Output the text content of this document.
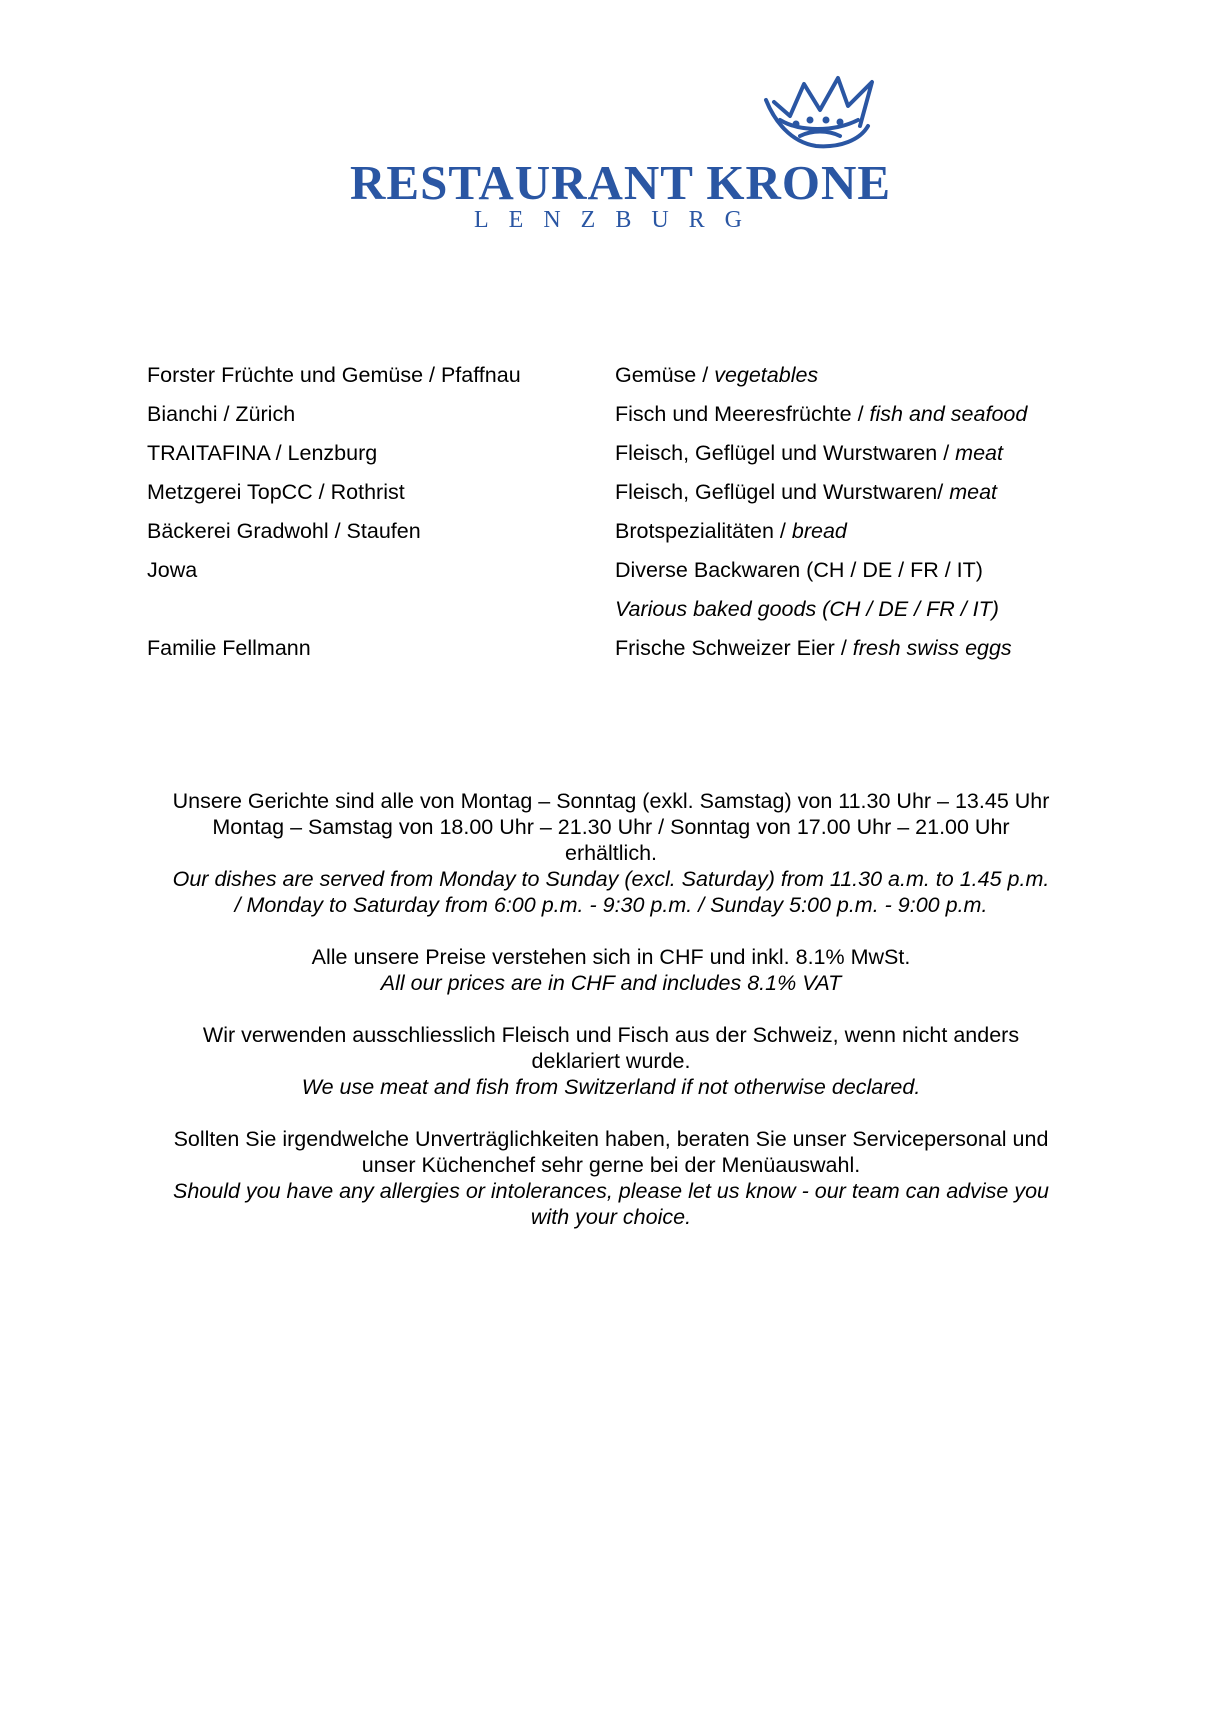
RESTAURANT KRONE
LENZBURG
Forster Früchte und Gemüse / Pfaffnau	Gemüse / vegetables
Bianchi / Zürich	Fisch und Meeresfrüchte / fish and seafood
TRAITAFINA / Lenzburg	Fleisch, Geflügel und Wurstwaren / meat
Metzgerei TopCC / Rothrist	Fleisch, Geflügel und Wurstwaren/ meat
Bäckerei Gradwohl / Staufen	Brotspezialitäten / bread
Jowa	Diverse Backwaren (CH / DE / FR / IT)
Various baked goods (CH / DE / FR / IT)
Familie Fellmann	Frische Schweizer Eier / fresh swiss eggs

Unsere Gerichte sind alle von Montag – Sonntag (exkl. Samstag) von 11.30 Uhr – 13.45 Uhr

Montag – Samstag von 18.00 Uhr – 21.30 Uhr / Sonntag von 17.00 Uhr – 21.00 Uhr

erhältlich.

Our dishes are served from Monday to Sunday (excl. Saturday) from 11.30 a.m. to 1.45 p.m.

/ Monday to Saturday from 6:00 p.m. - 9:30 p.m. / Sunday 5:00 p.m. - 9:00 p.m.

Alle unsere Preise verstehen sich in CHF und inkl. 8.1% MwSt.

All our prices are in CHF and includes 8.1% VAT

Wir verwenden ausschliesslich Fleisch und Fisch aus der Schweiz, wenn nicht anders

deklariert wurde.

We use meat and fish from Switzerland if not otherwise declared.

Sollten Sie irgendwelche Unverträglichkeiten haben, beraten Sie unser Servicepersonal und

unser Küchenchef sehr gerne bei der Menüauswahl.

Should you have any allergies or intolerances, please let us know - our team can advise you

with your choice.
